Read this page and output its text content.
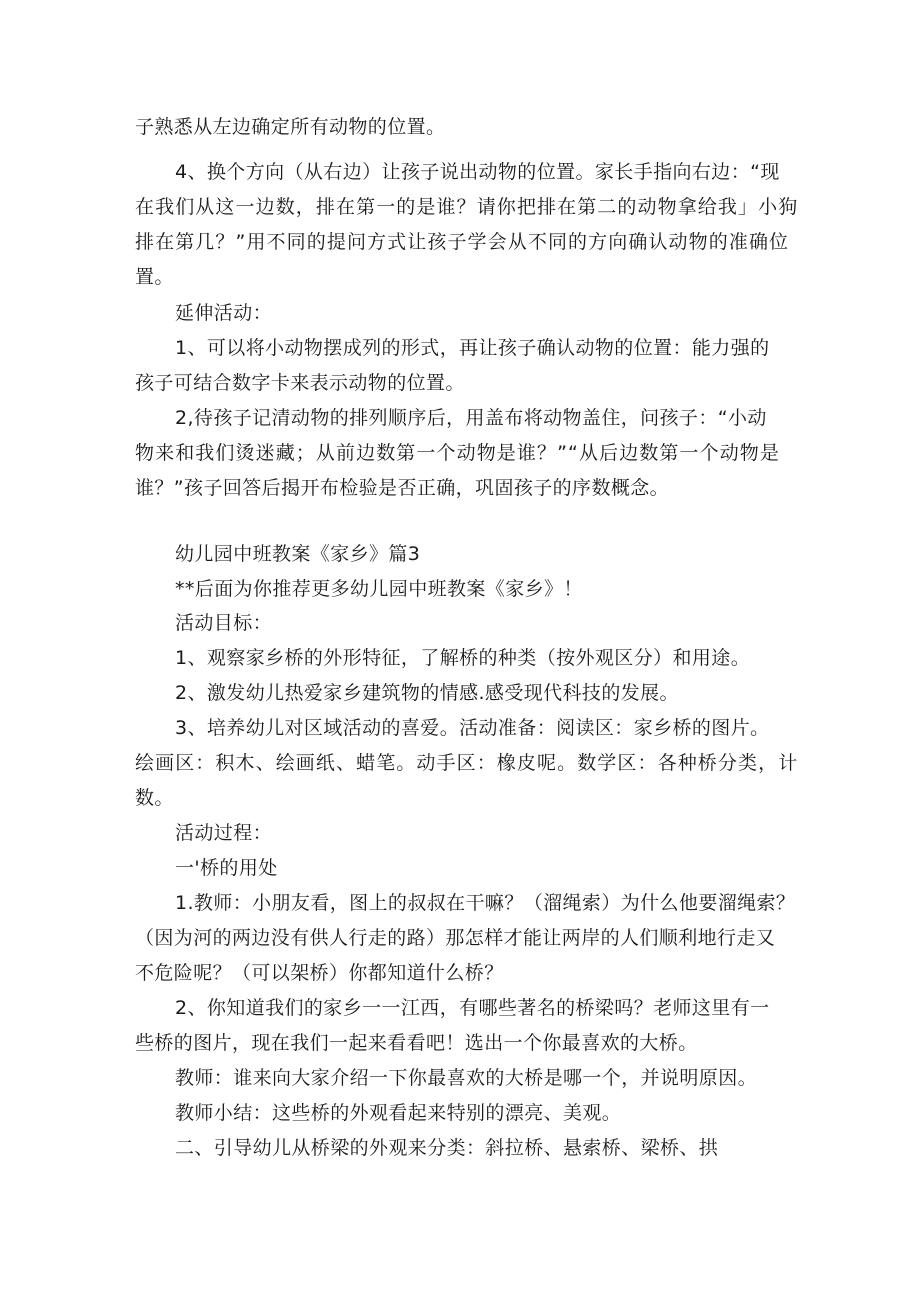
子熟悉从左边确定所有动物的位置。
4、换个方向（从右边）让孩子说出动物的位置。家长手指向右边：“现
在我们从这一边数，排在第一的是谁？请你把排在第二的动物拿给我」小狗
排在第几？”用不同的提问方式让孩子学会从不同的方向确认动物的准确位
置。
延伸活动：
1、可以将小动物摆成列的形式，再让孩子确认动物的位置：能力强的
孩子可结合数字卡来表示动物的位置。
2,待孩子记清动物的排列顺序后，用盖布将动物盖住，问孩子：“小动
物来和我们烫迷藏；从前边数第一个动物是谁？”“从后边数第一个动物是
谁？”孩子回答后揭开布检验是否正确，巩固孩子的序数概念。
幼儿园中班教案《家乡》篇3
**后面为你推荐更多幼儿园中班教案《家乡》！
活动目标：
1、观察家乡桥的外形特征，了解桥的种类（按外观区分）和用途。
2、激发幼儿热爱家乡建筑物的情感.感受现代科技的发展。
3、培养幼儿对区域活动的喜爱。活动准备：阅读区：家乡桥的图片。
绘画区：积木、绘画纸、蜡笔。动手区：橡皮呢。数学区：各种桥分类，计
数。
活动过程：
一'桥的用处
1.教师：小朋友看，图上的叔叔在干嘛？（溜绳索）为什么他要溜绳索？
（因为河的两边没有供人行走的路）那怎样才能让两岸的人们顺利地行走又
不危险呢？（可以架桥）你都知道什么桥？
2、你知道我们的家乡一一江西，有哪些著名的桥梁吗？老师这里有一
些桥的图片，现在我们一起来看看吧！选出一个你最喜欢的大桥。
教师：谁来向大家介绍一下你最喜欢的大桥是哪一个，并说明原因。
教师小结：这些桥的外观看起来特别的漂亮、美观。
二、引导幼儿从桥梁的外观来分类：斜拉桥、悬索桥、梁桥、拱
